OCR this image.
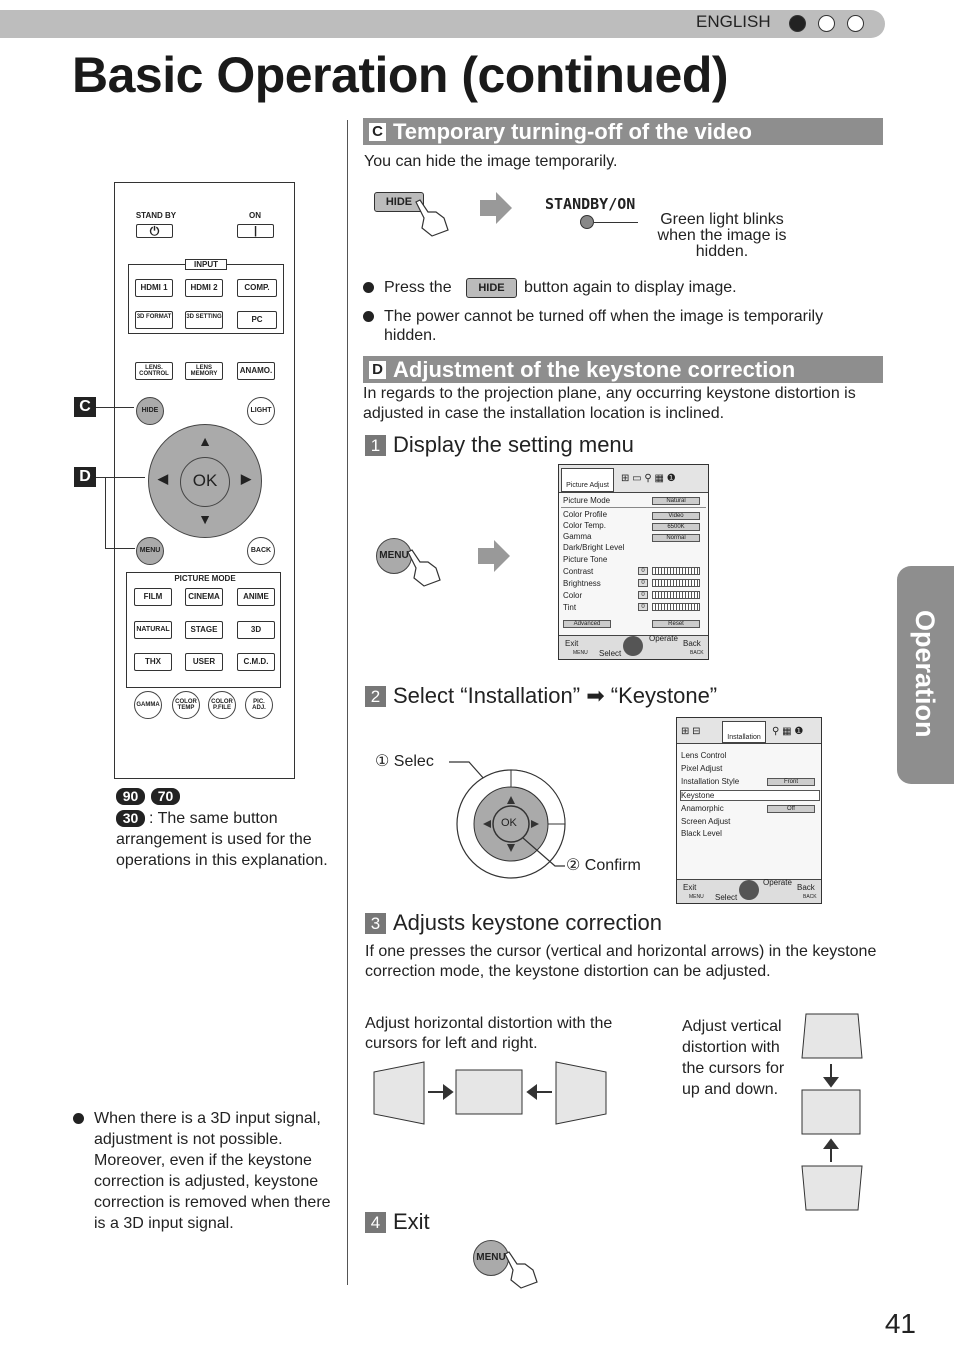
ENGLISH
Basic Operation (continued)
STAND BY	ON
⏻	|
INPUT
HDMI 1	HDMI 2	COMP.
3D FORMAT	3D SETTING	PC
LENS. CONTROL
LENS MEMORY	ANAMO.
HIDE	LIGHT
▲
▼
◀	▶
OK
MENU	BACK
PICTURE MODE
FILM	CINEMA	ANIME
NATURAL	STAGE	3D
THX	USER	C.M.D.
GAMMA	COLOR TEMP
COLOR P.FILE
PIC. ADJ.
C
D
90	70
30 : The same button arrangement is used for the operations in this explanation.
When there is a 3D input signal, adjustment is not possible. Moreover, even if the keystone correction is adjusted, keystone correction is removed when there is a 3D input signal.
C Temporary turning-off of the video
You can hide the image temporarily.
HIDE	STANDBY/ON
Green light blinks when the image is hidden.
Press the	HIDE	button again to display image.
The power cannot be turned off when the image is temporarily hidden.
D Adjustment of the keystone correction
In regards to the projection plane, any occurring keystone distortion is adjusted in case the installation location is inclined.
1 Display the setting menu
MENU
Picture Adjust
⊞ ▭ ⚲ ▦ ❶
Picture Mode	Natural
Color Profile	Video
Color Temp.	6500K
Gamma	Normal
Dark/Bright Level
Picture Tone
Contrast	0
Brightness	0
Color	0
Tint	0
Advanced	Reset
Exit
MENU Select
Operate
Back
BACK
2 Select “Installation” ➡ “Keystone”
① Selec
OK
② Confirm
⊞ ⊟
Installation
⚲ ▦ ❶
Lens Control
Pixel Adjust
Installation Style	Front
Keystone
Anamorphic	Off
Screen Adjust
Black Level
Exit
MENU Select
Operate
Back
BACK
3 Adjusts keystone correction
If one presses the cursor (vertical and horizontal arrows) in the keystone correction mode, the keystone distortion can be adjusted.
Adjust horizontal distortion with the cursors for left and right.
Adjust vertical distortion with the cursors for up and down.
4 Exit
MENU
Operation
41
